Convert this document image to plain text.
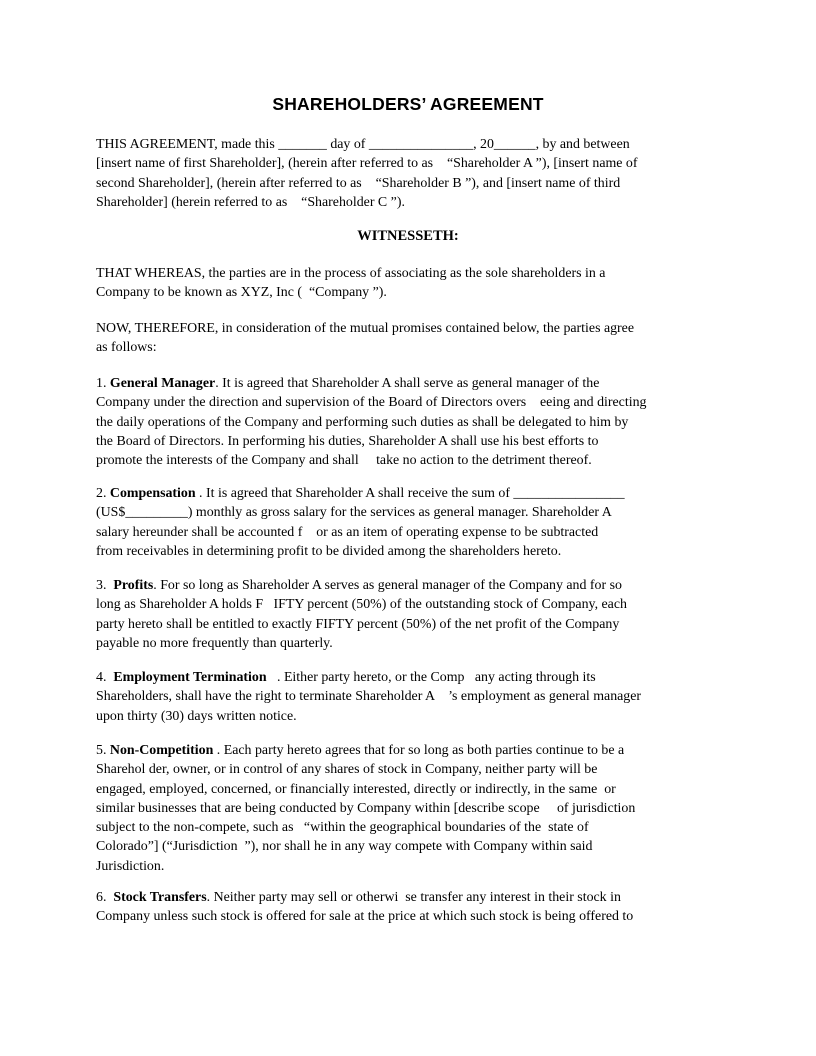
SHAREHOLDERS’ AGREEMENT

THIS AGREEMENT, made this _______ day of _______________, 20______, by and between
[insert name of first Shareholder], (herein after referred to as    “Shareholder A ”), [insert name of
second Shareholder], (herein after referred to as    “Shareholder B ”), and [insert name of third
Shareholder] (herein referred to as    “Shareholder C ”).

WITNESSETH:

THAT WHEREAS, the parties are in the process of associating as the sole shareholders in a
Company to be known as XYZ, Inc (  “Company ”).

NOW, THEREFORE, in consideration of the mutual promises contained below, the parties agree
as follows:

1. General Manager. It is agreed that Shareholder A shall serve as general manager of the
Company under the direction and supervision of the Board of Directors overs    eeing and directing
the daily operations of the Company and performing such duties as shall be delegated to him by
the Board of Directors. In performing his duties, Shareholder A shall use his best efforts to
promote the interests of the Company and shall     take no action to the detriment thereof.

2. Compensation . It is agreed that Shareholder A shall receive the sum of ________________
(US$_________) monthly as gross salary for the services as general manager. Shareholder A
salary hereunder shall be accounted f    or as an item of operating expense to be subtracted
from receivables in determining profit to be divided among the shareholders hereto.

3.  Profits. For so long as Shareholder A serves as general manager of the Company and for so
long as Shareholder A holds F   IFTY percent (50%) of the outstanding stock of Company, each
party hereto shall be entitled to exactly FIFTY percent (50%) of the net profit of the Company
payable no more frequently than quarterly.

4.  Employment Termination   . Either party hereto, or the Comp   any acting through its
Shareholders, shall have the right to terminate Shareholder A    ’s employment as general manager
upon thirty (30) days written notice.

5. Non-Competition . Each party hereto agrees that for so long as both parties continue to be a
Sharehol der, owner, or in control of any shares of stock in Company, neither party will be
engaged, employed, concerned, or financially interested, directly or indirectly, in the same  or
similar businesses that are being conducted by Company within [describe scope     of jurisdiction
subject to the non-compete, such as   “within the geographical boundaries of the  state of
Colorado”] (“Jurisdiction  ”), nor shall he in any way compete with Company within said
Jurisdiction.

6.  Stock Transfers. Neither party may sell or otherwi  se transfer any interest in their stock in
Company unless such stock is offered for sale at the price at which such stock is being offered to
